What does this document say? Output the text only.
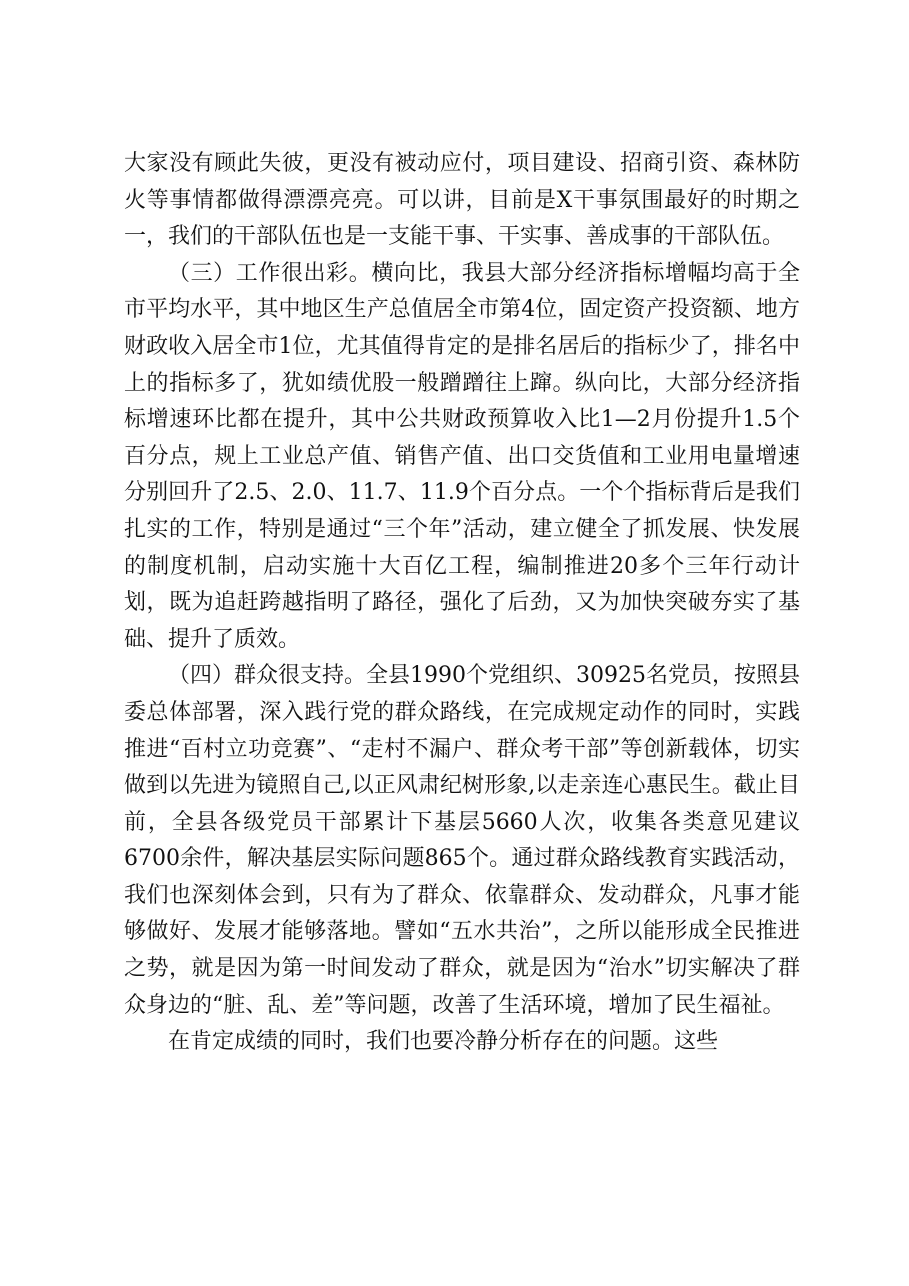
大家没有顾此失彼，更没有被动应付，项目建设、招商引资、森林防火等事情都做得漂漂亮亮。可以讲，目前是X干事氛围最好的时期之一，我们的干部队伍也是一支能干事、干实事、善成事的干部队伍。

（三）工作很出彩。横向比，我县大部分经济指标增幅均高于全市平均水平，其中地区生产总值居全市第4位，固定资产投资额、地方财政收入居全市1位，尤其值得肯定的是排名居后的指标少了，排名中上的指标多了，犹如绩优股一般蹭蹭往上蹿。纵向比，大部分经济指标增速环比都在提升，其中公共财政预算收入比1—2月份提升1.5个百分点，规上工业总产值、销售产值、出口交货值和工业用电量增速分别回升了2.5、2.0、11.7、11.9个百分点。一个个指标背后是我们扎实的工作，特别是通过“三个年”活动，建立健全了抓发展、快发展的制度机制，启动实施十大百亿工程，编制推进20多个三年行动计划，既为追赶跨越指明了路径，强化了后劲，又为加快突破夯实了基础、提升了质效。

（四）群众很支持。全县1990个党组织、30925名党员，按照县委总体部署，深入践行党的群众路线，在完成规定动作的同时，实践推进“百村立功竞赛”、“走村不漏户、群众考干部”等创新载体，切实做到以先进为镜照自己,以正风肃纪树形象,以走亲连心惠民生。截止目前，全县各级党员干部累计下基层5660人次，收集各类意见建议6700余件，解决基层实际问题865个。通过群众路线教育实践活动，我们也深刻体会到，只有为了群众、依靠群众、发动群众，凡事才能够做好、发展才能够落地。譬如“五水共治”，之所以能形成全民推进之势，就是因为第一时间发动了群众，就是因为“治水”切实解决了群众身边的“脏、乱、差”等问题，改善了生活环境，增加了民生福祉。

在肯定成绩的同时，我们也要冷静分析存在的问题。这些
